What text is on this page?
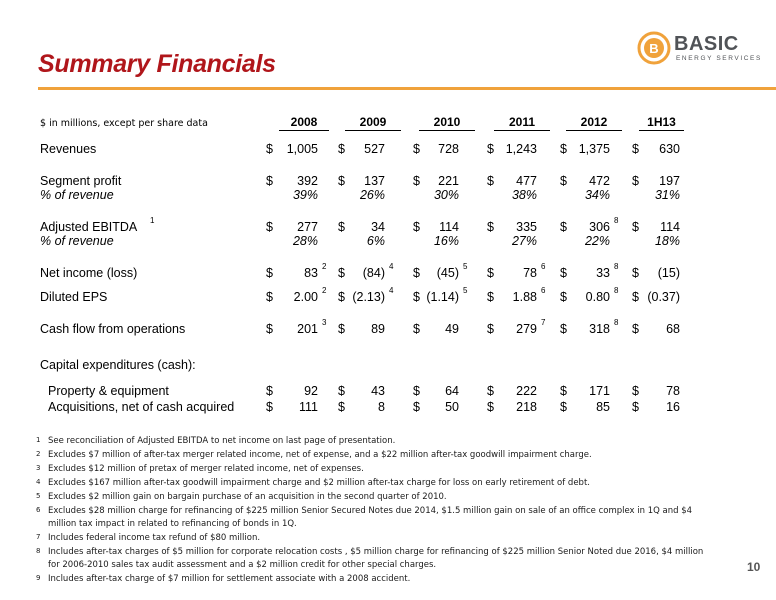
Summary Financials
B BASIC
ENERGY SERVICES
$ in millions, except per share data	2008	2009	2010	2011	2012	1H13
Revenues	$	1,005 $	527 $	728 $ 1,243 $ 1,375 $	630
Segment profit	$	392 $	137 $	221 $	477 $	472 $	197
% of revenue	39%	26%	30%	38%	34%	31%
Adjusted EBITDA 1	$	277 $	34 $	114 $	335 $	306 8 $	114
% of revenue	28%	6%	16%	27%	22%	18%
Net income (loss)	$	83 2 $	(84) 4 $	(45) 5 $	78 6 $	33 8 $	(15)
Diluted EPS	$	2.00 2 $ (2.13) 4 $ (1.14) 5 $	1.88 6 $	0.80 8 $ (0.37)
Cash flow from operations	$	201 3 $	89 $	49 $	279 7 $	318 8 $	68
Capital expenditures (cash):
Property & equipment	$	92 $	43 $	64 $	222 $	171 $	78
Acquisitions, net of cash acquired	$	111 $	8 $	50 $	218 $	85 $	16
1 See reconciliation of Adjusted EBITDA to net income on last page of presentation.
2 Excludes $7 million of after-tax merger related income, net of expense, and a $22 million after-tax goodwill impairment charge.
3 Excludes $12 million of pretax of merger related income, net of expenses.
4 Excludes $167 million after-tax goodwill impairment charge and $2 million after-tax charge for loss on early retirement of debt.
5 Excludes $2 million gain on bargain purchase of an acquisition in the second quarter of 2010.
6 Excludes $28 million charge for refinancing of $225 million Senior Secured Notes due 2014, $1.5 million gain on sale of an office complex in 1Q and $4
million tax impact in related to refinancing of bonds in 1Q.
7 Includes federal income tax refund of $80 million.
8 Includes after-tax charges of $5 million for corporate relocation costs , $5 million charge for refinancing of $225 million Senior Noted due 2016, $4 million
for 2006-2010 sales tax audit assessment and a $2 million credit for other special charges.
9 Includes after-tax charge of $7 million for settlement associate with a 2008 accident.
10
